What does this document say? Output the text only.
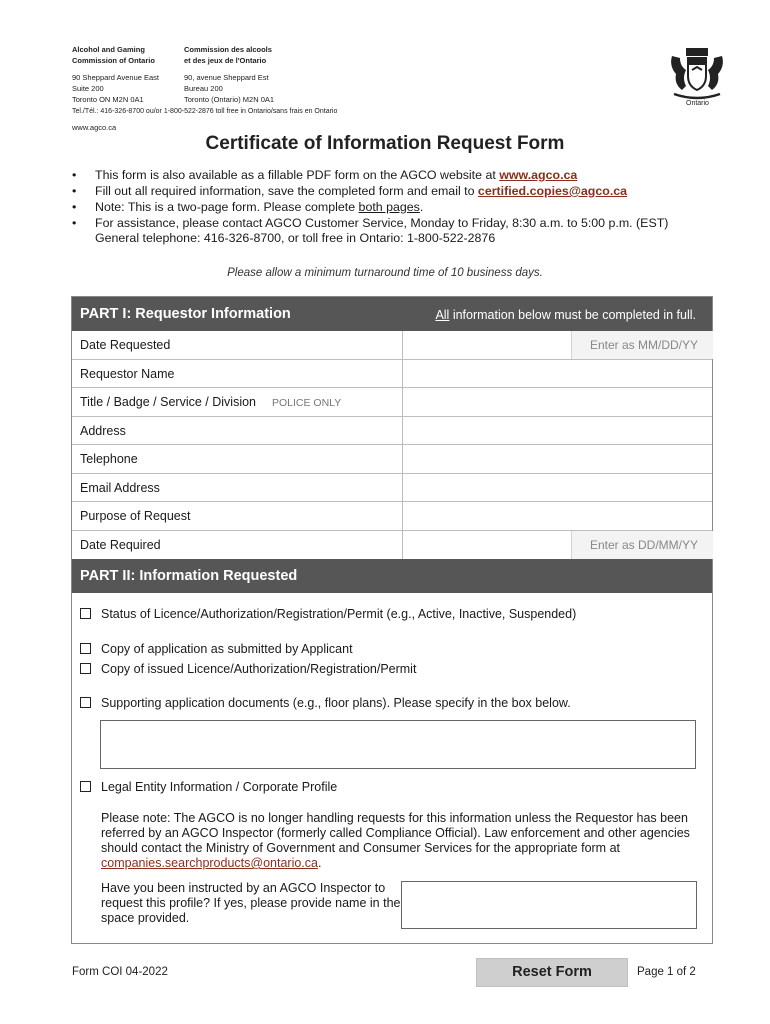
Alcohol and Gaming
Commission of Ontario
90 Sheppard Avenue East
Suite 200
Toronto ON M2N 0A1
Commission des alcools
et des jeux de l'Ontario
90, avenue Sheppard Est
Bureau 200
Toronto (Ontario) M2N 0A1
Tel./Tél.: 416-326-8700 ou/or 1-800-522-2876 toll free in Ontario/sans frais en Ontario
www.agco.ca
Ontario
Certificate of Information Request Form
• This form is also available as a fillable PDF form on the AGCO website at www.agco.ca
• Fill out all required information, save the completed form and email to certified.copies@agco.ca
• Note: This is a two-page form. Please complete both pages.
• For assistance, please contact AGCO Customer Service, Monday to Friday, 8:30 a.m. to 5:00 p.m. (EST) General telephone: 416-326-8700, or toll free in Ontario: 1-800-522-2876
Please allow a minimum turnaround time of 10 business days.
PART I: Requestor Information	All information below must be completed in full.
Date Requested	Enter as MM/DD/YY
Requestor Name
Title / Badge / Service / Division POLICE ONLY
Address
Telephone
Email Address
Purpose of Request
Date Required	Enter as DD/MM/YY
PART II: Information Requested
Status of Licence/Authorization/Registration/Permit (e.g., Active, Inactive, Suspended)
Copy of application as submitted by Applicant
Copy of issued Licence/Authorization/Registration/Permit
Supporting application documents (e.g., floor plans). Please specify in the box below.
Legal Entity Information / Corporate Profile
Please note: The AGCO is no longer handling requests for this information unless the Requestor has been referred by an AGCO Inspector (formerly called Compliance Official). Law enforcement and other agencies should contact the Ministry of Government and Consumer Services for the appropriate form at companies.searchproducts@ontario.ca.
Have you been instructed by an AGCO Inspector to request this profile? If yes, please provide name in the space provided.
Form COI 04-2022	Reset Form	Page 1 of 2
